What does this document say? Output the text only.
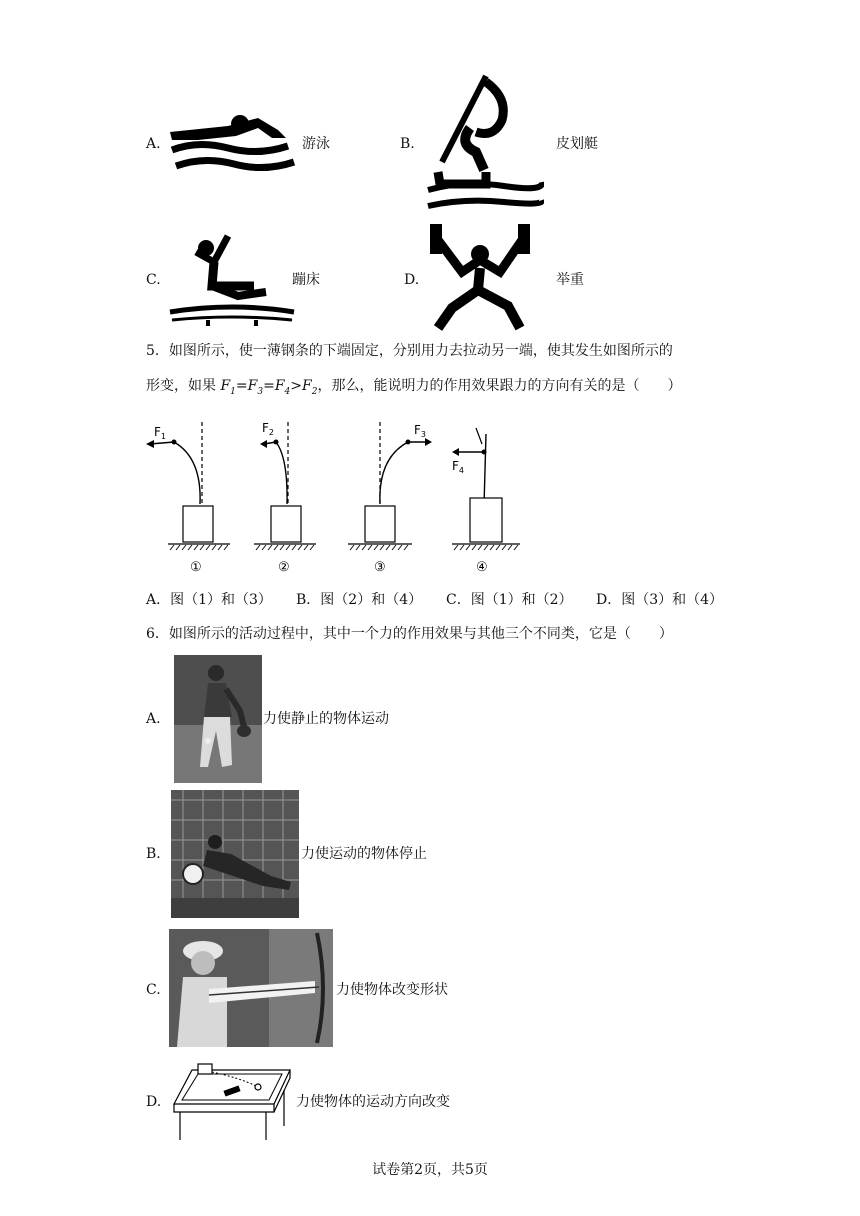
A.	游泳	B.	皮划艇
C.	蹦床	D.	举重
5．如图所示，使一薄钢条的下端固定，分别用力去拉动另一端，使其发生如图所示的
形变，如果 $F_1=F_3=F_4>F_2$，那么，能说明力的作用效果跟力的方向有关的是（　　）
$F_1$
①
$F_2$
②
$F_3$
③
$F_4$
④
A．图（1）和（3） B．图（2）和（4） C．图（1）和（2） D．图（3）和（4）
6．如图所示的活动过程中，其中一个力的作用效果与其他三个不同类，它是（　　）
A.	力使静止的物体运动
B.	力使运动的物体停止
C.	力使物体改变形状
D.	力使物体的运动方向改变
试卷第2页，共5页
